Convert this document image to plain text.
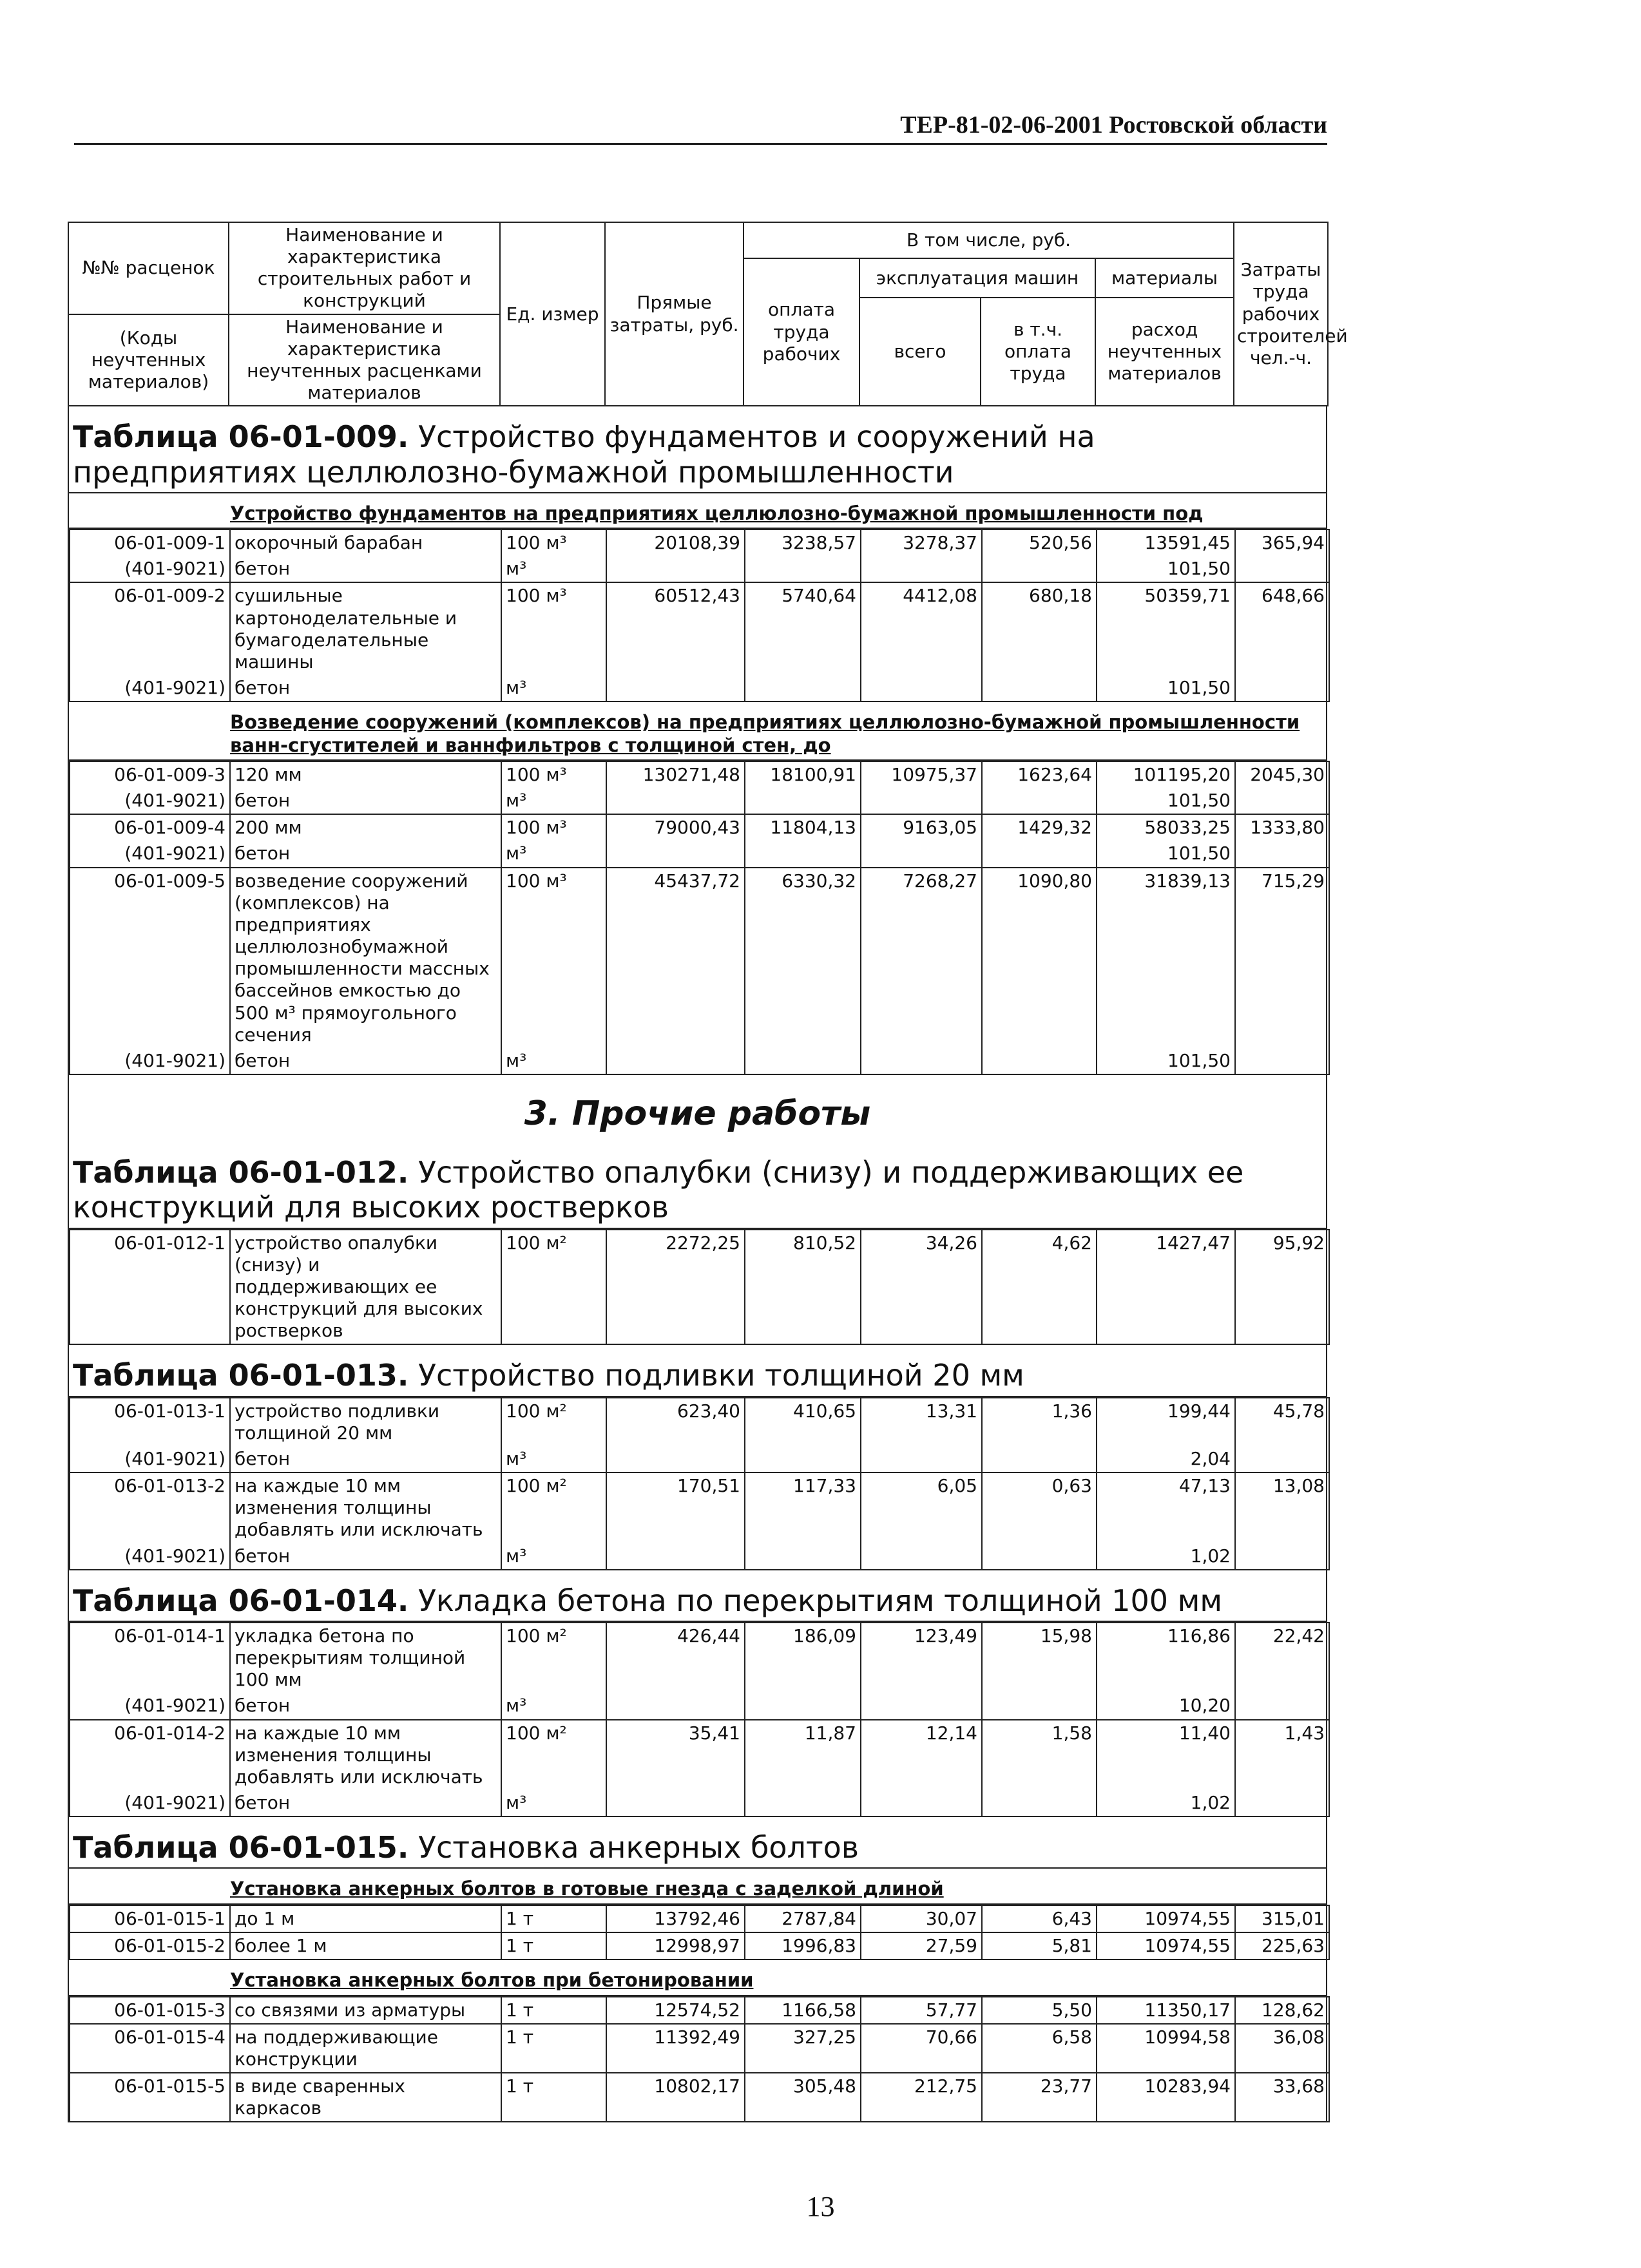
ТЕР-81-02-06-2001 Ростовской области
№№ расценок	Наименование и характеристика строительных работ и конструкций	Ед. измер	Прямые затраты, руб.	В том числе, руб.				Затраты труда рабочих строителей чел.-ч.
				оплата труда рабочих	эксплуатация машин		материалы	
					всего	в т.ч. оплата труда	расход неучтенных материалов	
(Коды неучтенных материалов)	Наименование и характеристика неучтенных расценками материалов							

Таблица 06-01-009. Устройство фундаментов и сооружений на предприятиях целлюлозно-бумажной промышленности
Устройство фундаментов на предприятиях целлюлозно-бумажной промышленности под
06-01-009-1	окорочный барабан	100 м³	20108,39	3238,57	3278,37	520,56	13591,45	365,94
(401-9021)	бетон	м³					101,50	
06-01-009-2	сушильные картоноделательные и бумагоделательные машины	100 м³	60512,43	5740,64	4412,08	680,18	50359,71	648,66
(401-9021)	бетон	м³					101,50	
Возведение сооружений (комплексов) на предприятиях целлюлозно-бумажной промышленности ванн-сгустителей и ваннфильтров с толщиной стен, до
06-01-009-3	120 мм	100 м³	130271,48	18100,91	10975,37	1623,64	101195,20	2045,30
(401-9021)	бетон	м³					101,50	
06-01-009-4	200 мм	100 м³	79000,43	11804,13	9163,05	1429,32	58033,25	1333,80
(401-9021)	бетон	м³					101,50	
06-01-009-5	возведение сооружений (комплексов) на предприятиях целлюлознобумажной промышленности массных бассейнов емкостью до 500 м³ прямоугольного сечения	100 м³	45437,72	6330,32	7268,27	1090,80	31839,13	715,29
(401-9021)	бетон	м³					101,50	
3. Прочие работы
Таблица 06-01-012. Устройство опалубки (снизу) и поддерживающих ее конструкций для высоких ростверков
06-01-012-1	устройство опалубки (снизу) и поддерживающих ее конструкций для высоких ростверков	100 м²	2272,25	810,52	34,26	4,62	1427,47	95,92
Таблица 06-01-013. Устройство подливки толщиной 20 мм
06-01-013-1	устройство подливки толщиной 20 мм	100 м²	623,40	410,65	13,31	1,36	199,44	45,78
(401-9021)	бетон	м³					2,04	
06-01-013-2	на каждые 10 мм изменения толщины добавлять или исключать	100 м²	170,51	117,33	6,05	0,63	47,13	13,08
(401-9021)	бетон	м³					1,02	
Таблица 06-01-014. Укладка бетона по перекрытиям толщиной 100 мм
06-01-014-1	укладка бетона по перекрытиям толщиной 100 мм	100 м²	426,44	186,09	123,49	15,98	116,86	22,42
(401-9021)	бетон	м³					10,20	
06-01-014-2	на каждые 10 мм изменения толщины добавлять или исключать	100 м²	35,41	11,87	12,14	1,58	11,40	1,43
(401-9021)	бетон	м³					1,02	
Таблица 06-01-015. Установка анкерных болтов
Установка анкерных болтов в готовые гнезда с заделкой длиной
06-01-015-1	до 1 м	1 т	13792,46	2787,84	30,07	6,43	10974,55	315,01
06-01-015-2	более 1 м	1 т	12998,97	1996,83	27,59	5,81	10974,55	225,63
Установка анкерных болтов при бетонировании
06-01-015-3	со связями из арматуры	1 т	12574,52	1166,58	57,77	5,50	11350,17	128,62
06-01-015-4	на поддерживающие конструкции	1 т	11392,49	327,25	70,66	6,58	10994,58	36,08
06-01-015-5	в виде сваренных каркасов	1 т	10802,17	305,48	212,75	23,77	10283,94	33,68
13
